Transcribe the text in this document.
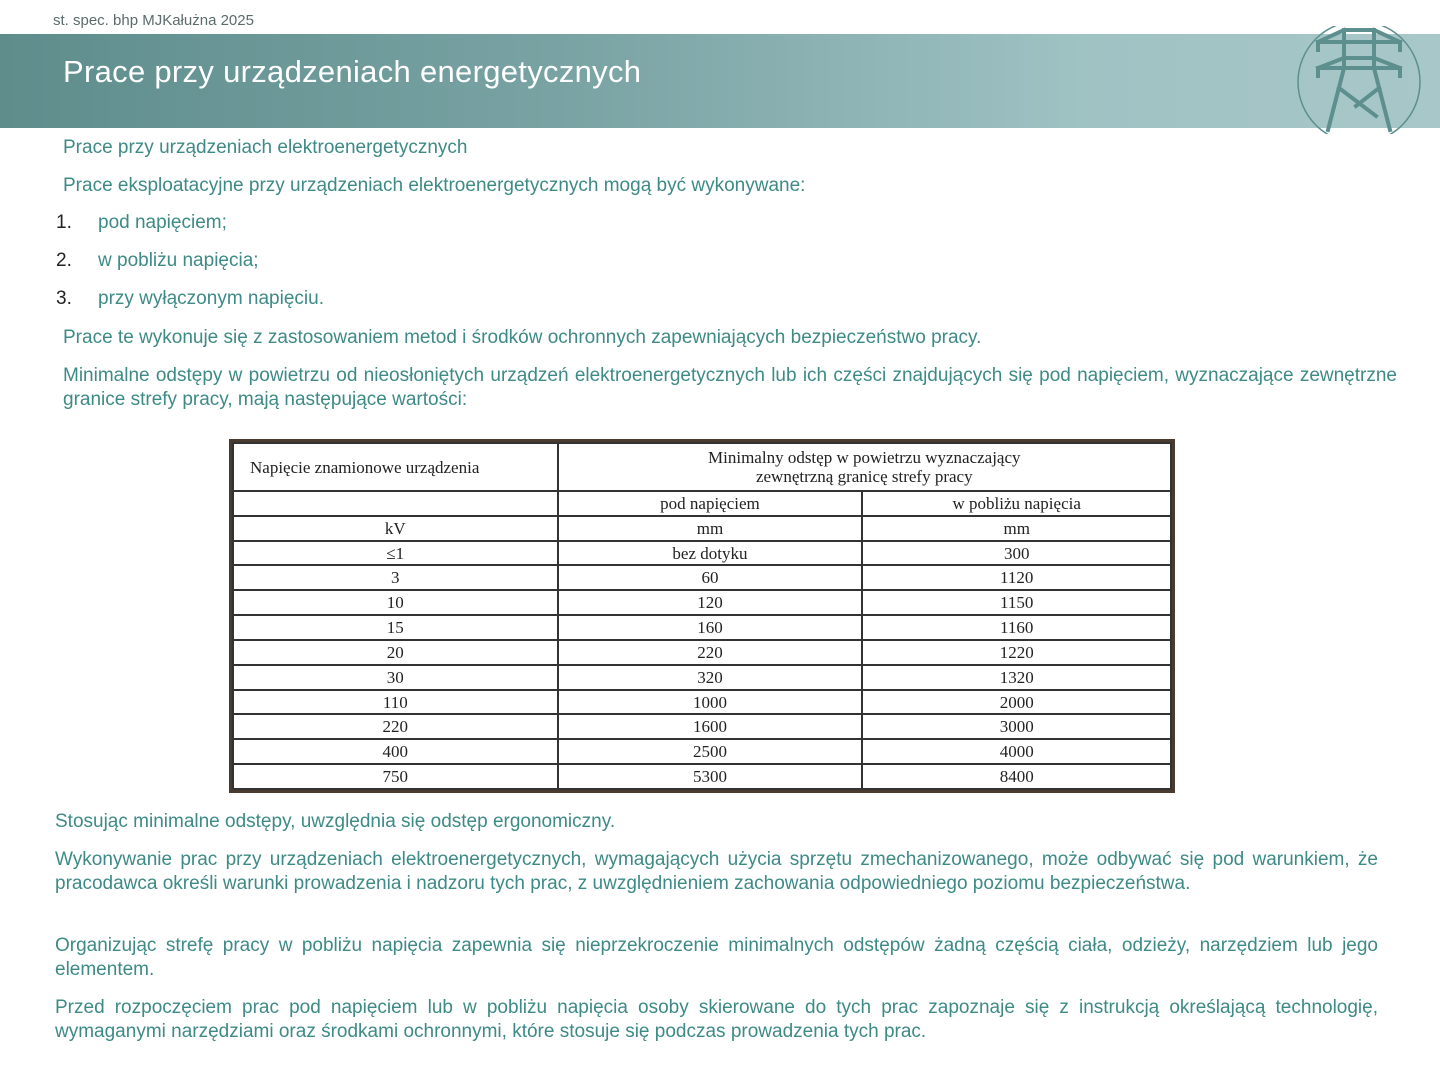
st. spec. bhp MJKałużna 2025
Prace przy urządzeniach energetycznych
Prace przy urządzeniach elektroenergetycznych
Prace eksploatacyjne przy urządzeniach elektroenergetycznych mogą być wykonywane:
1. pod napięciem;
2. w pobliżu napięcia;
3. przy wyłączonym napięciu.
Prace te wykonuje się z zastosowaniem metod i środków ochronnych zapewniających bezpieczeństwo pracy.
Minimalne odstępy w powietrzu od nieosłoniętych urządzeń elektroenergetycznych lub ich części znajdujących się pod napięciem, wyznaczające zewnętrzne granice strefy pracy, mają następujące wartości:
Napięcie znamionowe urządzenia	Minimalny odstęp w powietrzu wyznaczający zewnętrzną granicę strefy pracy	
	pod napięciem	w pobliżu napięcia
kV	mm	mm
≤1	bez dotyku	300
3	60	1120
10	120	1150
15	160	1160
20	220	1220
30	320	1320
110	1000	2000
220	1600	3000
400	2500	4000
750	5300	8400
Stosując minimalne odstępy, uwzględnia się odstęp ergonomiczny.
Wykonywanie prac przy urządzeniach elektroenergetycznych, wymagających użycia sprzętu zmechanizowanego, może odbywać się pod warunkiem, że pracodawca określi warunki prowadzenia i nadzoru tych prac, z uwzględnieniem zachowania odpowiedniego poziomu bezpieczeństwa.
Organizując strefę pracy w pobliżu napięcia zapewnia się nieprzekroczenie minimalnych odstępów żadną częścią ciała, odzieży, narzędziem lub jego elementem.
Przed rozpoczęciem prac pod napięciem lub w pobliżu napięcia osoby skierowane do tych prac zapoznaje się z instrukcją określającą technologię, wymaganymi narzędziami oraz środkami ochronnymi, które stosuje się podczas prowadzenia tych prac.
